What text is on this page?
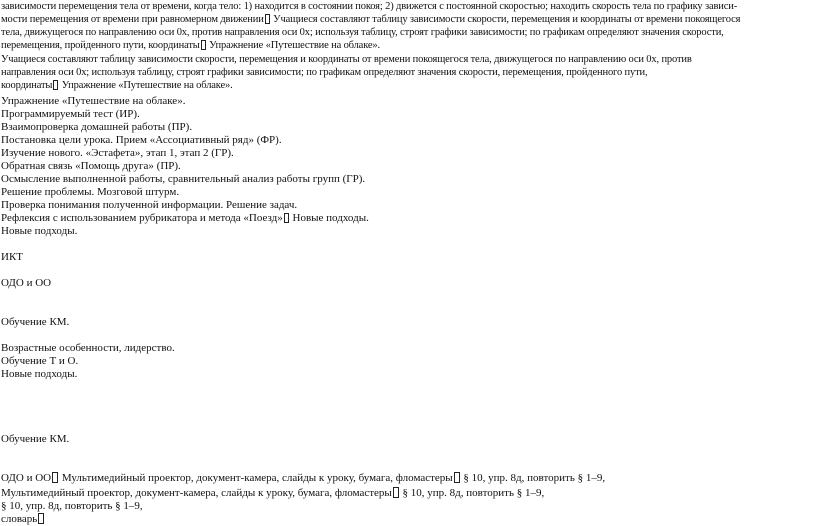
зависимости перемещения тела от времени, когда тело: 1) находится в состоянии покоя; 2) движется с постоянной скоростью; находить скорость тела по графику зависи-

мости перемещения от времени при равномерном движении Учащиеся составляют таблицу зависимости скорости, перемещения и координаты от времени покоящегося

тела, движущегося по направлению оси 0х, против направления оси 0х; используя таблицу, строят графики зависимости; по графикам определяют значения скорости,

перемещения, пройденного пути, координаты Упражнение «Путешествие на облаке».

Учащиеся составляют таблицу зависимости скорости, перемещения и координаты от времени покоящегося тела, движущегося по направлению оси 0х, против

направления оси 0х; используя таблицу, строят графики зависимости; по графикам определяют значения скорости, перемещения, пройденного пути,

координаты Упражнение «Путешествие на облаке».

Упражнение «Путешествие на облаке».

Программируемый тест (ИР).

Взаимопроверка домашней работы (ПР).

Постановка цели урока. Прием «Ассоциативный ряд» (ФР).

Изучение нового. «Эстафета», этап 1, этап 2 (ГР).

Обратная связь «Помощь друга» (ПР).

Осмысление выполненной работы, сравнительный анализ работы групп (ГР).

Решение проблемы. Мозговой штурм.

Проверка понимания полученной информации. Решение задач.

Рефлексия с использованием рубрикатора и метода «Поезд» Новые подходы.

Новые подходы.

ИКТ

ОДО и ОО

Обучение КМ.

Возрастные особенности, лидерство.

Обучение Т и О.

Новые подходы.

Обучение КМ.

ОДО и ОО Мультимедийный проектор, документ-камера, слайды к уроку, бумага, фломастеры § 10, упр. 8д, повторить § 1–9,

Мультимедийный проектор, документ-камера, слайды к уроку, бумага, фломастеры § 10, упр. 8д, повторить § 1–9,

§ 10, упр. 8д, повторить § 1–9,

словарь
